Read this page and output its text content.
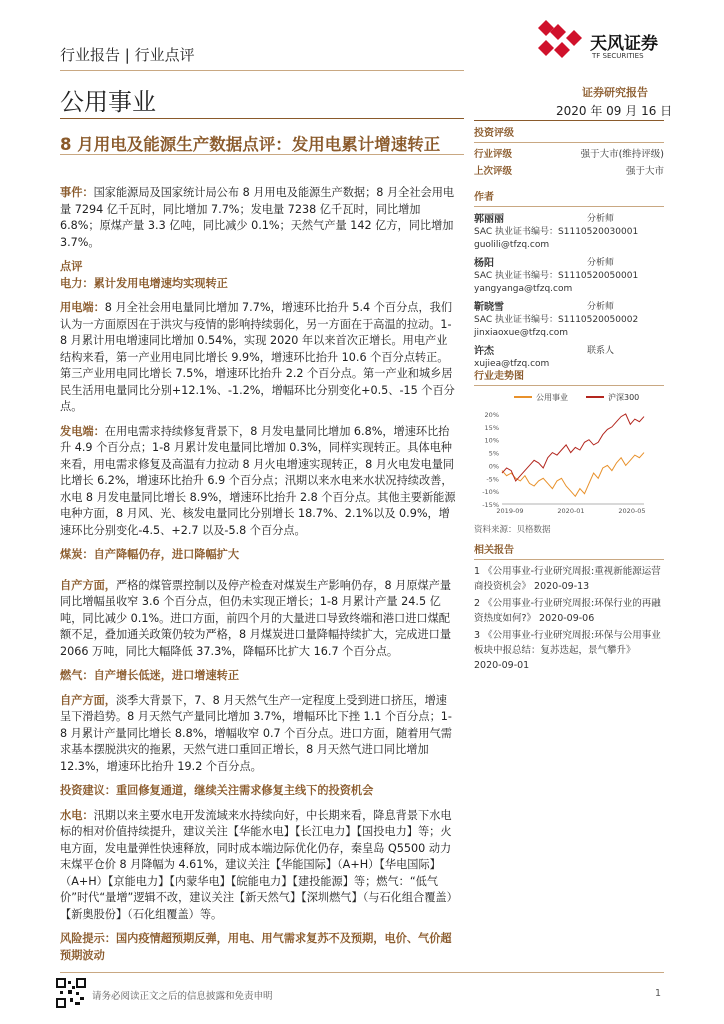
行业报告 | 行业点评
公用事业
天风证券
TF SECURITIES
证券研究报告
2020 年 09 月 16 日
8 月用电及能源生产数据点评：发用电累计增速转正

事件：国家能源局及国家统计局公布 8 月用电及能源生产数据；8 月全社会用电量 7294 亿千瓦时，同比增加 7.7%；发电量 7238 亿千瓦时，同比增加 6.8%；原煤产量 3.3 亿吨，同比减少 0.1%；天然气产量 142 亿方，同比增加 3.7%。

点评

电力：累计发用电增速均实现转正

用电端：8 月全社会用电量同比增加 7.7%，增速环比抬升 5.4 个百分点，我们认为一方面原因在于洪灾与疫情的影响持续弱化，另一方面在于高温的拉动。1-8 月累计用电增速同比增加 0.54%，实现 2020 年以来首次正增长。用电产业结构来看，第一产业用电同比增长 9.9%，增速环比抬升 10.6 个百分点转正。第三产业用电同比增长 7.5%，增速环比抬升 2.2 个百分点。第一产业和城乡居民生活用电量同比分别+12.1%、-1.2%，增幅环比分别变化+0.5、-15 个百分点。

发电端：在用电需求持续修复背景下，8 月发电量同比增加 6.8%，增速环比抬升 4.9 个百分点；1-8 月累计发电量同比增加 0.3%，同样实现转正。具体电种来看，用电需求修复及高温有力拉动 8 月火电增速实现转正，8 月火电发电量同比增长 6.2%，增速环比抬升 6.9 个百分点；汛期以来水电来水状况持续改善，水电 8 月发电量同比增长 8.9%，增速环比抬升 2.8 个百分点。其他主要新能源电种方面，8 月风、光、核发电量同比分别增长 18.7%、2.1%以及 0.9%，增速环比分别变化-4.5、+2.7 以及-5.8 个百分点。

煤炭：自产降幅仍存，进口降幅扩大

自产方面，严格的煤管票控制以及停产检查对煤炭生产影响仍存，8 月原煤产量同比增幅虽收窄 3.6 个百分点，但仍未实现正增长；1-8 月累计产量 24.5 亿吨，同比减少 0.1%。进口方面，前四个月的大量进口导致终端和港口进口煤配额不足，叠加通关政策仍较为严格，8 月煤炭进口量降幅持续扩大，完成进口量 2066 万吨，同比大幅降低 37.3%，降幅环比扩大 16.7 个百分点。

燃气：自产增长低迷，进口增速转正

自产方面，淡季大背景下，7、8 月天然气生产一定程度上受到进口挤压，增速呈下滑趋势。8 月天然气产量同比增加 3.7%，增幅环比下挫 1.1 个百分点；1-8 月累计产量同比增长 8.8%，增幅收窄 0.7 个百分点。进口方面，随着用气需求基本摆脱洪灾的拖累，天然气进口重回正增长，8 月天然气进口同比增加 12.3%，增速环比抬升 19.2 个百分点。

投资建议：重回修复通道，继续关注需求修复主线下的投资机会

水电：汛期以来主要水电开发流域来水持续向好，中长期来看，降息背景下水电标的相对价值持续提升，建议关注【华能水电】【长江电力】【国投电力】等；火电方面，发电量弹性快速释放，同时成本端边际优化仍存，秦皇岛 Q5500 动力末煤平仓价 8 月降幅为 4.61%，建议关注【华能国际】（A+H）【华电国际】（A+H）【京能电力】【内蒙华电】【皖能电力】【建投能源】等；燃气：“低气价”时代“量增”逻辑不改，建议关注【新天然气】【深圳燃气】（与石化组合覆盖）【新奥股份】（石化组覆盖）等。

风险提示：国内疫情超预期反弹，用电、用气需求复苏不及预期，电价、气价超预期波动

投资评级
行业评级	强于大市(维持评级)
上次评级	强于大市
作者
郭丽丽	分析师
SAC 执业证书编号：S1110520030001
guolili@tfzq.com
杨阳	分析师
SAC 执业证书编号：S1110520050001
yangyanga@tfzq.com
靳晓雪	分析师
SAC 执业证书编号：S1110520050002
jinxiaoxue@tfzq.com
许杰	联系人
xujiea@tfzq.com
行业走势图
公用事业	沪深300
20%
15%
10%
5%
0%
-5%
-10%
-15%
2019-09	2020-01	2020-05
资料来源：贝格数据
相关报告
1 《公用事业-行业研究周报:重视新能源运营商投资机会》 2020-09-13
2 《公用事业-行业研究周报:环保行业的再融资热度如何?》 2020-09-06
3 《公用事业-行业研究周报:环保与公用事业板块中报总结：复苏迭起，景气攀升》 2020-09-01
请务必阅读正文之后的信息披露和免责申明	1
